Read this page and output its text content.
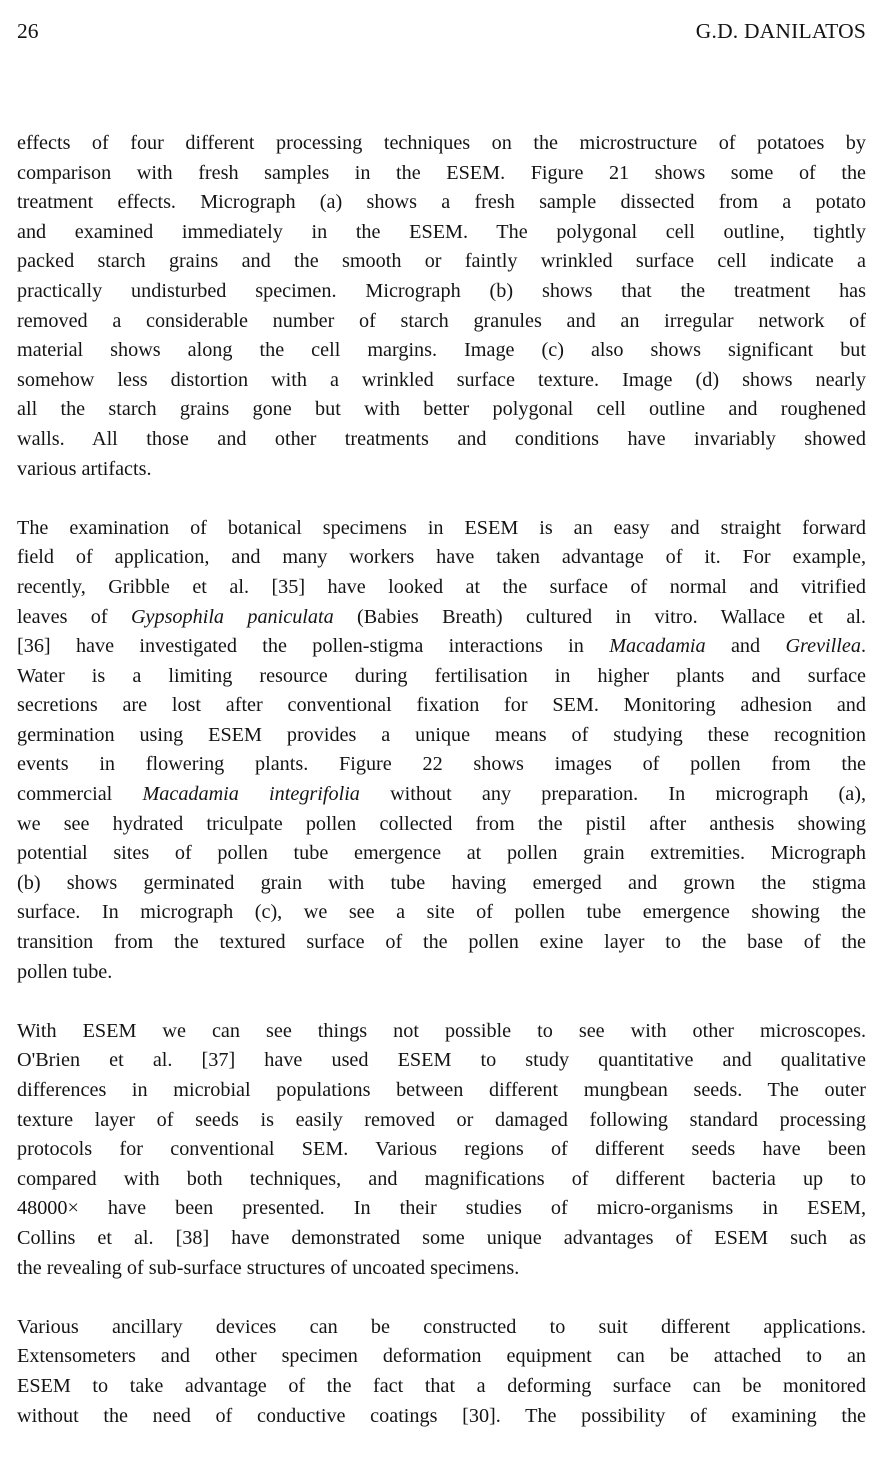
26	G.D. DANILATOS
effects of four different processing techniques on the microstructure of potatoes by
comparison with fresh samples in the ESEM. Figure 21 shows some of the
treatment effects. Micrograph (a) shows a fresh sample dissected from a potato
and examined immediately in the ESEM. The polygonal cell outline, tightly
packed starch grains and the smooth or faintly wrinkled surface cell indicate a
practically undisturbed specimen. Micrograph (b) shows that the treatment has
removed a considerable number of starch granules and an irregular network of
material shows along the cell margins. Image (c) also shows significant but
somehow less distortion with a wrinkled surface texture. Image (d) shows nearly
all the starch grains gone but with better polygonal cell outline and roughened
walls. All those and other treatments and conditions have invariably showed
various artifacts.
The examination of botanical specimens in ESEM is an easy and straight forward
field of application, and many workers have taken advantage of it. For example,
recently, Gribble et al. [35] have looked at the surface of normal and vitrified
leaves of Gypsophila paniculata (Babies Breath) cultured in vitro. Wallace et al.
[36] have investigated the pollen-stigma interactions in Macadamia and Grevillea.
Water is a limiting resource during fertilisation in higher plants and surface
secretions are lost after conventional fixation for SEM. Monitoring adhesion and
germination using ESEM provides a unique means of studying these recognition
events in flowering plants. Figure 22 shows images of pollen from the
commercial Macadamia integrifolia without any preparation. In micrograph (a),
we see hydrated triculpate pollen collected from the pistil after anthesis showing
potential sites of pollen tube emergence at pollen grain extremities. Micrograph
(b) shows germinated grain with tube having emerged and grown the stigma
surface. In micrograph (c), we see a site of pollen tube emergence showing the
transition from the textured surface of the pollen exine layer to the base of the
pollen tube.
With ESEM we can see things not possible to see with other microscopes.
O'Brien et al. [37] have used ESEM to study quantitative and qualitative
differences in microbial populations between different mungbean seeds. The outer
texture layer of seeds is easily removed or damaged following standard processing
protocols for conventional SEM. Various regions of different seeds have been
compared with both techniques, and magnifications of different bacteria up to
48000× have been presented. In their studies of micro-organisms in ESEM,
Collins et al. [38] have demonstrated some unique advantages of ESEM such as
the revealing of sub-surface structures of uncoated specimens.
Various ancillary devices can be constructed to suit different applications.
Extensometers and other specimen deformation equipment can be attached to an
ESEM to take advantage of the fact that a deforming surface can be monitored
without the need of conductive coatings [30]. The possibility of examining the
